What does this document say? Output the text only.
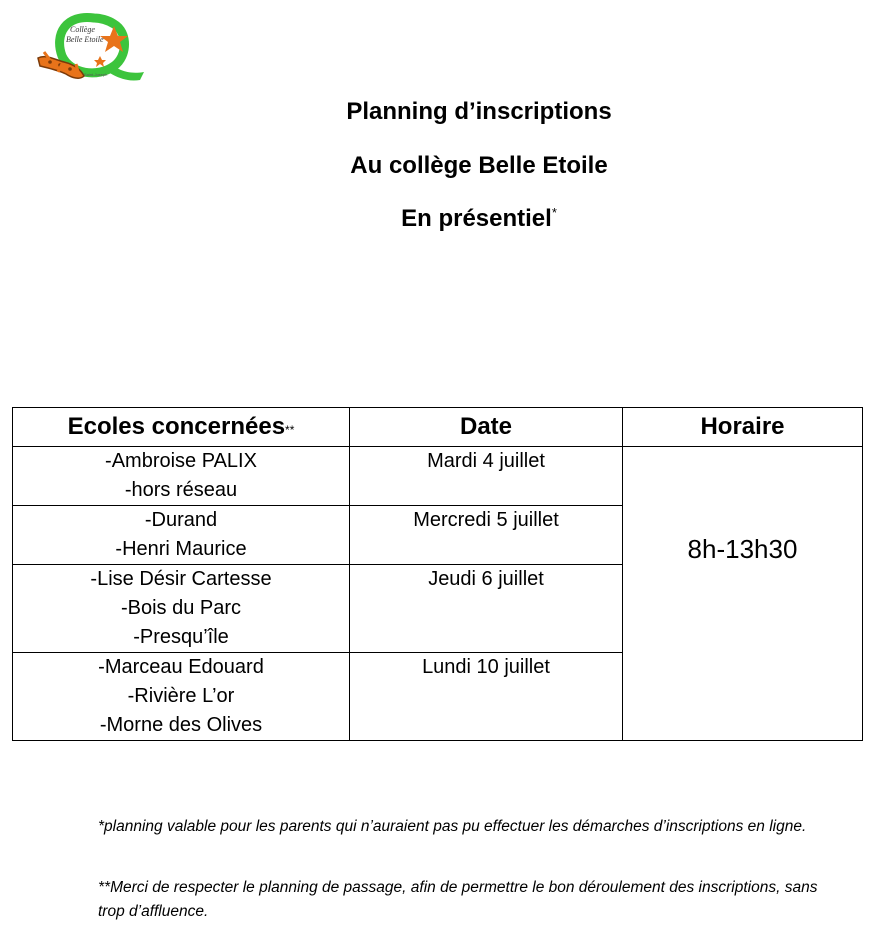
Collège
Belle Etoile
Saint-Joseph
Planning d’inscriptions
Au collège Belle Etoile
En présentiel*
Ecoles concernées**	Date	Horaire

-Ambroise PALIX
-hors réseau	Mardi 4 juillet	8h-13h30

-Durand
-Henri Maurice	Mercredi 5 juillet	

-Lise Désir Cartesse
-Bois du Parc
-Presqu’île	Jeudi 6 juillet	

-Marceau Edouard
-Rivière L’or
-Morne des Olives	Lundi 10 juillet	
*planning valable pour les parents qui n’auraient pas pu effectuer les démarches d’inscriptions en ligne.
**Merci de respecter le planning de passage, afin de permettre le bon déroulement des inscriptions, sans trop d’affluence.
